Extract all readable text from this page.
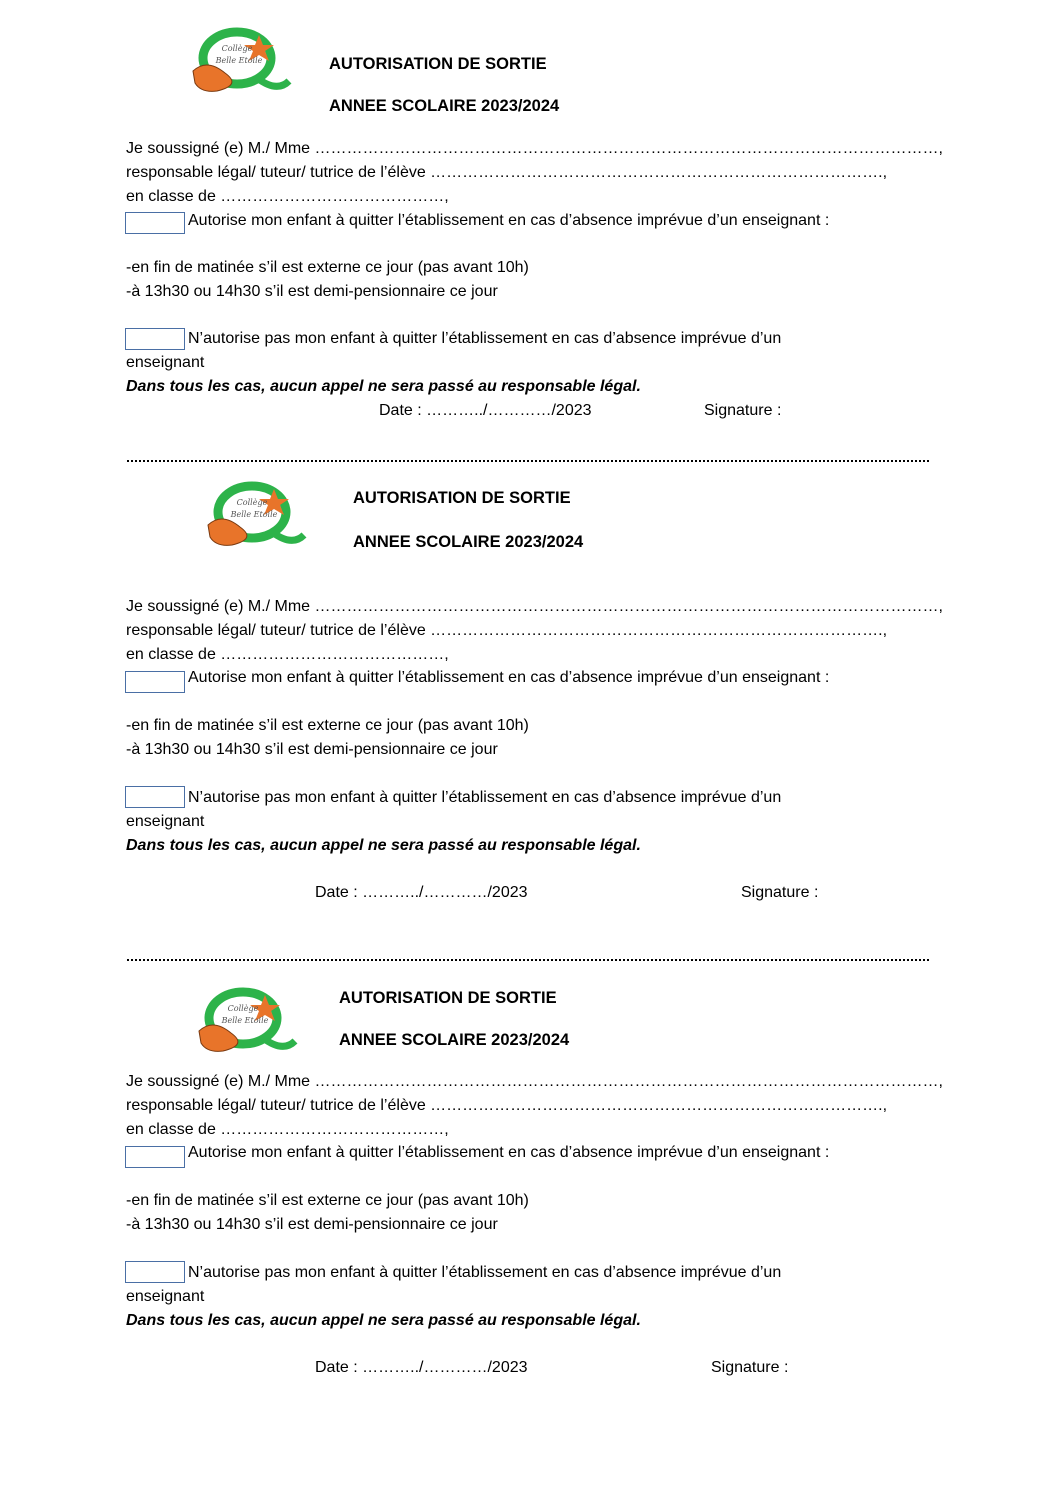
Collège
Belle Etoile	AUTORISATION DE SORTIE
ANNEE SCOLAIRE 2023/2024
Je soussigné (e) M./ Mme ………………………………………………………………………………………………………,
responsable légal/ tuteur/ tutrice de l’élève ………………………………………………………………………….,
en classe de ……………………………………,
Autorise mon enfant à quitter l’établissement en cas d’absence imprévue d’un enseignant :
-en fin de matinée s’il est externe ce jour (pas avant 10h)
-à 13h30 ou 14h30 s’il est demi-pensionnaire ce jour
N’autorise pas mon enfant à quitter l’établissement en cas d’absence imprévue d’un
enseignant
Dans tous les cas, aucun appel ne sera passé au responsable légal.
Date : ………../…………/2023	Signature :
Collège
Belle Etoile
AUTORISATION DE SORTIE
ANNEE SCOLAIRE 2023/2024
Je soussigné (e) M./ Mme ………………………………………………………………………………………………………,
responsable légal/ tuteur/ tutrice de l’élève ………………………………………………………………………….,
en classe de ……………………………………,
Autorise mon enfant à quitter l’établissement en cas d’absence imprévue d’un enseignant :
-en fin de matinée s’il est externe ce jour (pas avant 10h)
-à 13h30 ou 14h30 s’il est demi-pensionnaire ce jour
N’autorise pas mon enfant à quitter l’établissement en cas d’absence imprévue d’un
enseignant
Dans tous les cas, aucun appel ne sera passé au responsable légal.
Date : ………../…………/2023	Signature :
Collège
Belle Etoile
AUTORISATION DE SORTIE
ANNEE SCOLAIRE 2023/2024
Je soussigné (e) M./ Mme ………………………………………………………………………………………………………,
responsable légal/ tuteur/ tutrice de l’élève ………………………………………………………………………….,
en classe de ……………………………………,
Autorise mon enfant à quitter l’établissement en cas d’absence imprévue d’un enseignant :
-en fin de matinée s’il est externe ce jour (pas avant 10h)
-à 13h30 ou 14h30 s’il est demi-pensionnaire ce jour
N’autorise pas mon enfant à quitter l’établissement en cas d’absence imprévue d’un
enseignant
Dans tous les cas, aucun appel ne sera passé au responsable légal.
Date : ………../…………/2023	Signature :
